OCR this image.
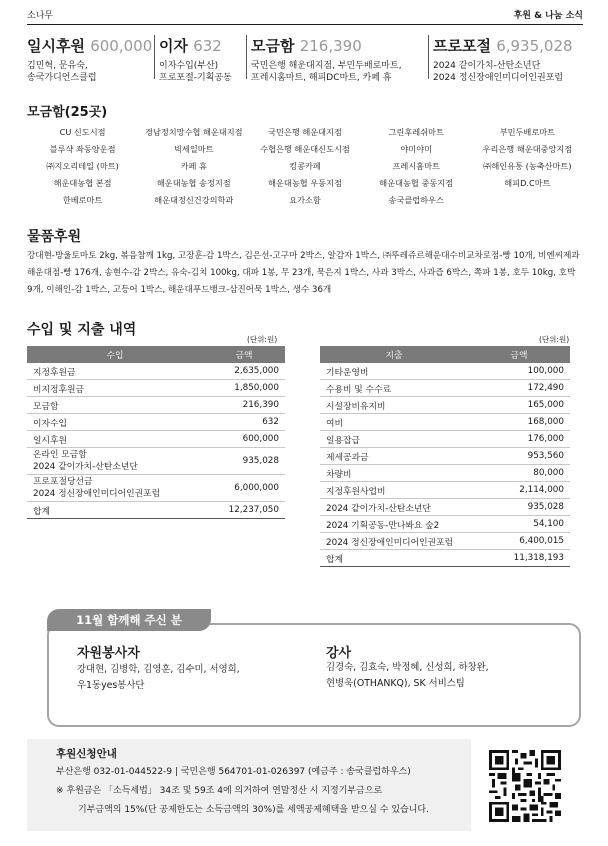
소나무	후원 & 나눔 소식
일시후원 600,000
김민혁, 문유숙,
송국가디언스클럽
이자 632
이자수입(부산)
프로포절-기획공동
모금함 216,390
국민은행 해운대지점, 부민두배로마트,
프레시홈마트, 해피DC마트, 카페 휴
프로포절 6,935,028
2024 같이가치-산탄소년단
2024 정신장애인미디어인권포럼
모금함(25곳)
CU 신도시점	경남정치망수협 해운대지점	국민은행 해운대지점	그린후레쉬마트	부민두배로마트
블루샥 좌동양운점	빅세일마트	수협은행 해운대신도시점	야미야미	우리은행 해운대중앙지점
㈜지오리테일 (마트)	카페 휴	킹콩카페	프레시홈마트	㈜해인유통 (농축산마트)
해운대농협 본점	해운대농협 송정지점	해운대농협 우동지점	해운대농협 중동지점	해피D.C마트
한베로마트	해운대정신건강의학과	요가소함	송국클럽하우스
물품후원
강대현-방울토마토 2kg, 볶음참깨 1kg, 고장훈-감 1박스, 김은선-고구마 2박스, 알감자 1박스, ㈜뚜레쥬르해운대수비교차로점-빵 10개, 비엔씨제과해운대점-빵 176개, 송현수-감 2박스, 유숙-김치 100kg, 대파 1봉, 무 23개, 묵은지 1박스, 사과 3박스, 사과즙 6박스, 쪽파 1봉, 호두 10kg, 호박 9개, 이해인-감 1박스, 고등어 1박스, 해운대푸드뱅크-삼진어묵 1박스, 생수 36개
수입 및 지출 내역
(단위:원)	(단위:원)
수입	금액
지정후원금	2,635,000
비지정후원금	1,850,000
모금함	216,390
이자수입	632
일시후원	600,000

온라인 모금함
2024 같이가치-산탄소년단	935,028

프로포절당선금
2024 정신장애인미디어인권포럼	6,000,000
합계	12,237,050
지출	금액
기타운영비	100,000
수용비 및 수수료	172,490
시설장비유지비	165,000
여비	168,000
일용잡급	176,000
제세공과금	953,560
차량비	80,000
지정후원사업비	2,114,000
2024 같이가치-산탄소년단	935,028
2024 기획공동-만나봐요 숲2	54,100
2024 정신장애인미디어인권포럼	6,400,015
합계	11,318,193
11월 함께해 주신 분
자원봉사자
강대현, 김병학, 김영훈, 김수미, 서영희,
우1동yes봉사단
강사
김경숙, 김효숙, 박정혜, 신성희, 하창완,
현병욱(OTHANKQ), SK 서비스팀
후원신청안내
부산은행 032-01-044522-9 | 국민은행 564701-01-026397 (예금주 : 송국클럽하우스)
※ 후원금은 「소득세법」 34조 및 59조 4에 의거하여 연말정산 시 지정기부금으로
기부금액의 15%(단 공제한도는 소득금액의 30%)를 세액공제혜택을 받으실 수 있습니다.
